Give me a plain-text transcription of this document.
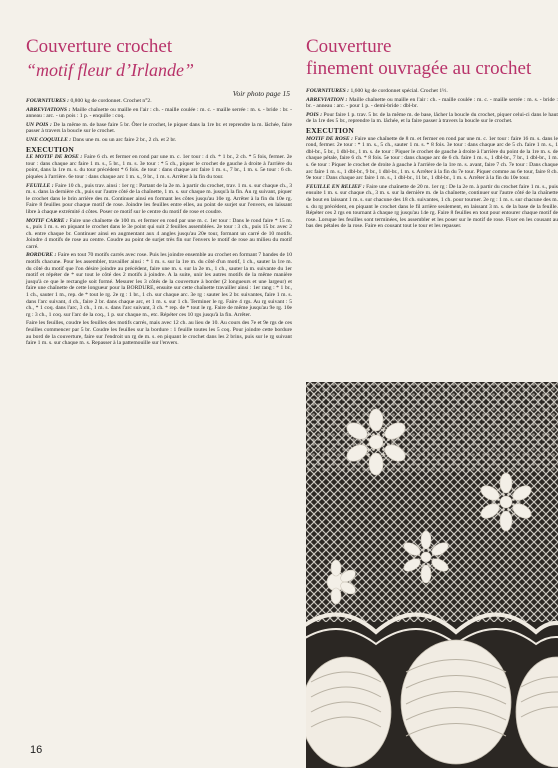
Couverture crochet
“motif fleur d’Irlande”
Voir photo page 15

FOURNITURES : 0,800 kg de cordonnet. Crochet n°2.

ABREVIATIONS : Maille chaînette ou maille en l'air : ch. - maille coulée : m. c. - maille serrée : m. s. - bride : br. - anneau : arc. - un pois : 1 p. - enquille : coq.

UN POIS : De la même m. de base faire 5 br. Ôter le crochet, le piquer dans la 1re br. et reprendre la m. lâchée, faire passer à travers la boucle sur le crochet.

UNE COQUILLE : Dans une m. ou un arc faire 2 br., 2 ch. et 2 br.

EXECUTION

LE MOTIF DE ROSE : Faire 6 ch. et fermer en rond par une m. c. 1er tour : 4 ch. * 1 br., 2 ch. * 5 fois, fermer. 2e tour : dans chaque arc faire 1 m. s., 5 br., 1 m. s. 3e tour : * 5 ch., piquer le crochet de gauche à droite à l'arrière du point, dans la 1re m. s. du tour précédent * 6 fois. 4e tour : dans chaque arc faire 1 m. s., 7 br., 1 m. s. 5e tour : 6 ch. piquées à l'arrière. 6e tour : dans chaque arc 1 m. s., 9 br., 1 m. s. Arrêter à la fin du tour.

FEUILLE : Faire 10 ch., puis trav. ainsi : 1er rg : Partant de la 2e m. à partir du crochet, trav. 1 m. s. sur chaque ch., 3 m. s. dans la dernière ch., puis sur l'autre côté de la chaînette, 1 m. s. sur chaque m. jusqu'à la fin. Au rg suivant, piquer le crochet dans le brin arrière des m. Continuer ainsi en formant les côtes jusqu'au 10e rg. Arrêter à la fin du 10e rg. Faire 8 feuilles pour chaque motif de rose. Joindre les feuilles entre elles, au point de surjet sur l'envers, en laissant libre à chaque extrémité 4 côtes. Poser ce motif sur le centre du motif de rose et coudre.

MOTIF CARRE : Faire une chaînette de 100 m. et fermer en rond par une m. c. 1er tour : Dans le rond faire * 15 m. s., puis 1 m. s. en piquant le crochet dans le 3e point qui suit 2 feuilles assemblées. 2e tour : 3 ch., puis 15 br. avec 2 ch. entre chaque br. Continuer ainsi en augmentant aux 4 angles jusqu'au 20e tour, formant un carré de 10 motifs. Joindre 4 motifs de rose au centre. Coudre au point de surjet très fin sur l'envers le motif de rose au milieu du motif carré.

BORDURE : Faire en tout 70 motifs carrés avec rose. Puis les joindre ensemble au crochet en formant 7 bandes de 10 motifs chacune. Pour les assembler, travailler ainsi : * 1 m. s. sur la 1re m. du côté d'un motif, 1 ch., sauter la 1re m. du côté du motif que l'on désire joindre au précédent, faire une m. s. sur la 2e m., 1 ch., sauter la m. suivante du 1er motif et répéter de * sur tout le côté des 2 motifs à joindre. A la suite, unir les autres motifs de la même manière jusqu'à ce que le rectangle soit formé. Mesurer les 3 côtés de la couverture à border (2 longueurs et une largeur) et faire une chaînette de cette longueur pour la BORDURE, ensuite sur cette chaînette travailler ainsi : 1er rang : * 1 br., 1 ch., sauter 1 m., rep. de * tout le rg. 2e rg : 1 br., 1 ch. sur chaque arc. 3e rg : sauter les 2 br. suivantes, faire 1 m. s. dans l'arc suivant, 4 ch., faire 2 br. dans chaque arc, et 1 m. s. sur 1 ch. Terminer le rg. Faire 4 rgs. Au rg suivant : 5 ch., * 1 coq. dans l'arc, 3 ch., 1 m. s. dans l'arc suivant, 3 ch. * rep. de * tout le rg. Faire de même jusqu'au 9e rg. 10e rg : 3 ch., 1 coq. sur l'arc de la coq., 1 p. sur chaque m., etc. Répéter ces 10 rgs jusqu'à la fin. Arrêter.

Faire les feuilles, coudre les feuilles des motifs carrés, mais avec 12 ch. au lieu de 10. Au cours des 7e et 9e rgs de ces feuilles commencer par 5 br. Coudre les feuilles sur la bordure : 1 feuille toutes les 5 coq. Pour joindre cette bordure au bord de la couverture, faire sur l'endroit un rg de m. s. en piquant le crochet dans les 2 brins, puis sur le rg suivant faire 1 m. s. sur chaque m. s. Repasser à la pattemouille sur l'envers.

Couverture
finement ouvragée au crochet

FOURNITURES : 1,600 kg de cordonnet spécial. Crochet 1½.

ABREVIATION : Maille chaînette ou maille en l'air : ch. - maille coulée : m. c. - maille serrée : m. s. - bride : br. - anneau : arc. - pour 1 p. - demi-bride : dbl-br.

POIS : Pour faire 1 p. trav. 5 br. de la même m. de base, lâcher la boucle du crochet, piquer celui-ci dans le haut de la 1re des 5 br., reprendre la m. lâchée, et la faire passer à travers la boucle sur le crochet.

EXECUTION

MOTIF DE ROSE : Faire une chaînette de 8 m. et fermer en rond par une m. c. 1er tour : faire 16 m. s. dans le rond, fermer. 2e tour : * 1 m. s., 5 ch., sauter 1 m. s. * 8 fois. 3e tour : dans chaque arc de 5 ch. faire 1 m. s., 1 dbl-br., 5 br., 1 dbl-br., 1 m. s. 4e tour : Piquer le crochet de gauche à droite à l'arrière du point de la 1re m. s. de chaque pétale, faire 6 ch. * 8 fois. 5e tour : dans chaque arc de 6 ch. faire 1 m. s., 1 dbl-br., 7 br., 1 dbl-br., 1 m. s. 6e tour : Piquer le crochet de droite à gauche à l'arrière de la 1re m. s. avant, faire 7 ch. 7e tour : Dans chaque arc faire 1 m. s., 1 dbl-br., 9 br., 1 dbl-br., 1 m. s. Arrêter à la fin du 7e tour. Piquer comme au 6e tour, faire 8 ch. 9e tour : Dans chaque arc faire 1 m. s., 1 dbl-br., 11 br., 1 dbl-br., 1 m. s. Arrêter à la fin du 10e tour.

FEUILLE EN RELIEF : Faire une chaînette de 20 m. 1er rg : De la 2e m. à partir du crochet faire 1 m. s., puis ensuite 1 m. s. sur chaque ch., 3 m. s. sur la dernière m. de la chaînette, continuer sur l'autre côté de la chaînette de bout en laissant 1 m. s. sur chacune des 18 ch. suivantes, 1 ch. pour tourner. 2e rg : 1 m. s. sur chacune des m. s. du rg précédent, en piquant le crochet dans le fil arrière seulement, en laissant 3 m. s. de la base de la feuille. Répéter ces 2 rgs en tournant à chaque rg jusqu'au 14e rg. Faire 8 feuilles en tout pour entourer chaque motif de rose. Lorsque les feuilles sont terminées, les assembler et les poser sur le motif de rose. Fixer en les cousant au bas des pétales de la rose. Faire en cousant tout le tour et les repasser.

16
